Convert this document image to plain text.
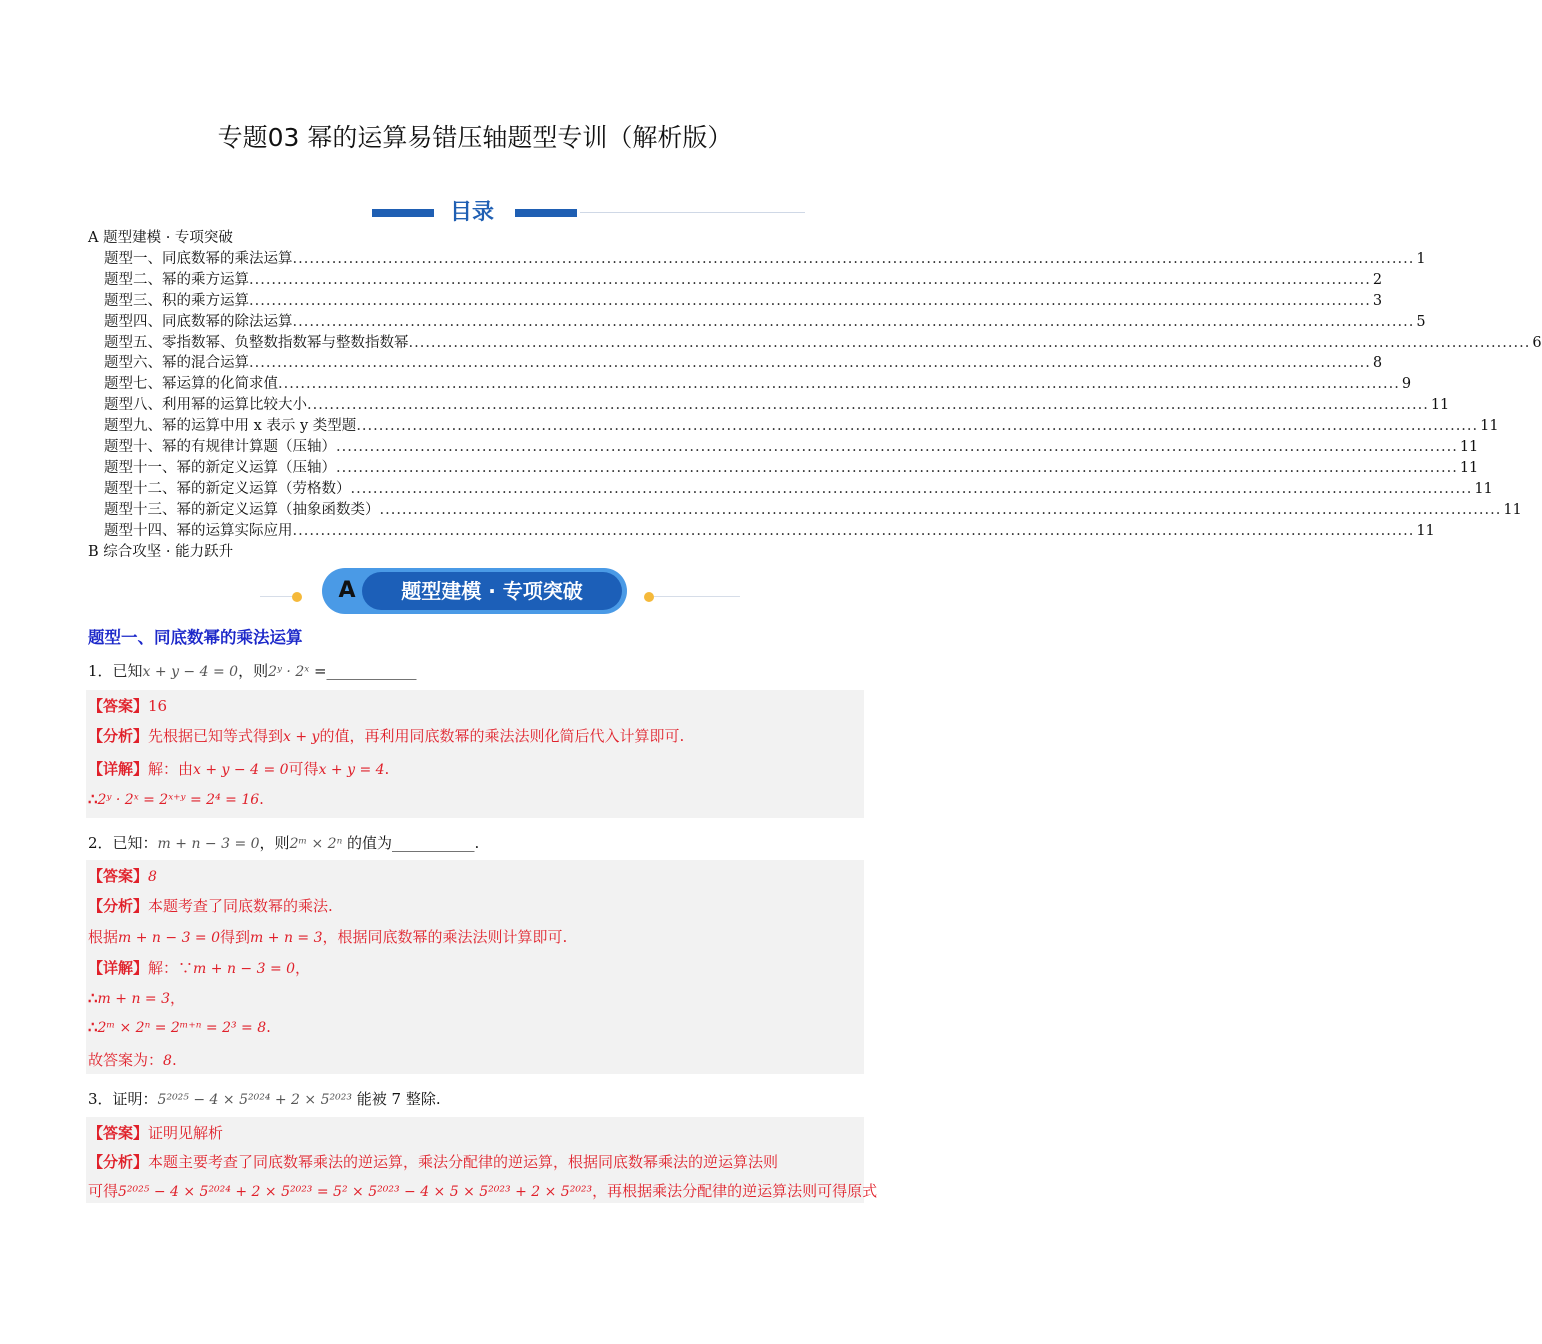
专题03 幂的运算易错压轴题型专训（解析版）
目录
A 题型建模 · 专项突破
题型一、同底数幂的乘法运算 ........................................................................................................................................................................................................ 1
题型二、幂的乘方运算 ........................................................................................................................................................................................................ 2
题型三、积的乘方运算 ........................................................................................................................................................................................................ 3
题型四、同底数幂的除法运算 ........................................................................................................................................................................................................ 5
题型五、零指数幂、负整数指数幂与整数指数幂 ........................................................................................................................................................................................................ 6
题型六、幂的混合运算 ........................................................................................................................................................................................................ 8
题型七、幂运算的化简求值 ........................................................................................................................................................................................................ 9
题型八、利用幂的运算比较大小 ........................................................................................................................................................................................................ 11
题型九、幂的运算中用 x 表示 y 类型题 ........................................................................................................................................................................................................ 11
题型十、幂的有规律计算题（压轴） ........................................................................................................................................................................................................ 11
题型十一、幂的新定义运算（压轴） ........................................................................................................................................................................................................ 11
题型十二、幂的新定义运算（劳格数） ........................................................................................................................................................................................................ 11
题型十三、幂的新定义运算（抽象函数类） ........................................................................................................................................................................................................ 11
题型十四、幂的运算实际应用 ........................................................................................................................................................................................................ 11
B 综合攻坚 · 能力跃升
A	题型建模 · 专项突破
题型一、同底数幂的乘法运算
1．已知x + y − 4 = 0，则2ʸ · 2ˣ =____________
【答案】16
【分析】先根据已知等式得到x + y的值，再利用同底数幂的乘法法则化简后代入计算即可.
【详解】解：由x + y − 4 = 0可得x + y = 4.
∴2ʸ · 2ˣ = 2ˣ⁺ʸ = 2⁴ = 16.
2．已知：m + n − 3 = 0，则2ᵐ × 2ⁿ 的值为___________.
【答案】8
【分析】本题考查了同底数幂的乘法.
根据m + n − 3 = 0得到m + n = 3，根据同底数幂的乘法法则计算即可.
【详解】解：∵m + n − 3 = 0，
∴m + n = 3，
∴2ᵐ × 2ⁿ = 2ᵐ⁺ⁿ = 2³ = 8.
故答案为：8.
3．证明：5²⁰²⁵ − 4 × 5²⁰²⁴ + 2 × 5²⁰²³ 能被 7 整除.
【答案】证明见解析
【分析】本题主要考查了同底数幂乘法的逆运算，乘法分配律的逆运算，根据同底数幂乘法的逆运算法则
可得5²⁰²⁵ − 4 × 5²⁰²⁴ + 2 × 5²⁰²³ = 5² × 5²⁰²³ − 4 × 5 × 5²⁰²³ + 2 × 5²⁰²³，再根据乘法分配律的逆运算法则可得原式
